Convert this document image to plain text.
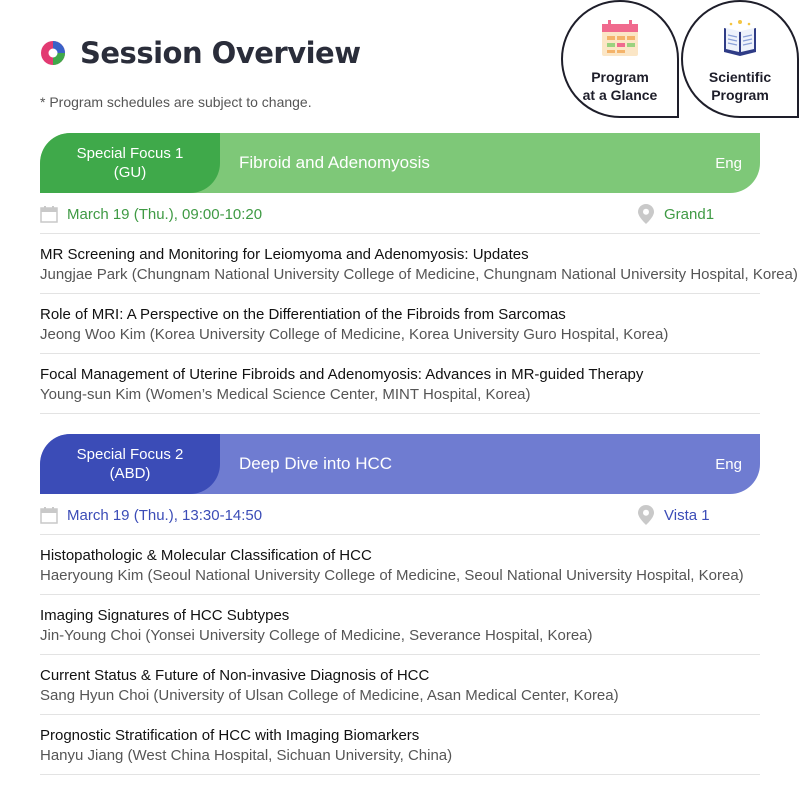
Session Overview
* Program schedules are subject to change.
Program
at a Glance
Scientific
Program
Special Focus 1
(GU)
Fibroid and Adenomyosis	Eng
March 19 (Thu.), 09:00-10:20	Grand1
MR Screening and Monitoring for Leiomyoma and Adenomyosis: Updates
Jungjae Park (Chungnam National University College of Medicine, Chungnam National University Hospital, Korea)
Role of MRI: A Perspective on the Differentiation of the Fibroids from Sarcomas
Jeong Woo Kim (Korea University College of Medicine, Korea University Guro Hospital, Korea)
Focal Management of Uterine Fibroids and Adenomyosis: Advances in MR-guided Therapy
Young-sun Kim (Women’s Medical Science Center, MINT Hospital, Korea)
Special Focus 2
(ABD)
Deep Dive into HCC	Eng
March 19 (Thu.), 13:30-14:50	Vista 1
Histopathologic & Molecular Classification of HCC
Haeryoung Kim (Seoul National University College of Medicine, Seoul National University Hospital, Korea)
Imaging Signatures of HCC Subtypes
Jin-Young Choi (Yonsei University College of Medicine, Severance Hospital, Korea)
Current Status & Future of Non-invasive Diagnosis of HCC
Sang Hyun Choi (University of Ulsan College of Medicine, Asan Medical Center, Korea)
Prognostic Stratification of HCC with Imaging Biomarkers
Hanyu Jiang (West China Hospital, Sichuan University, China)
